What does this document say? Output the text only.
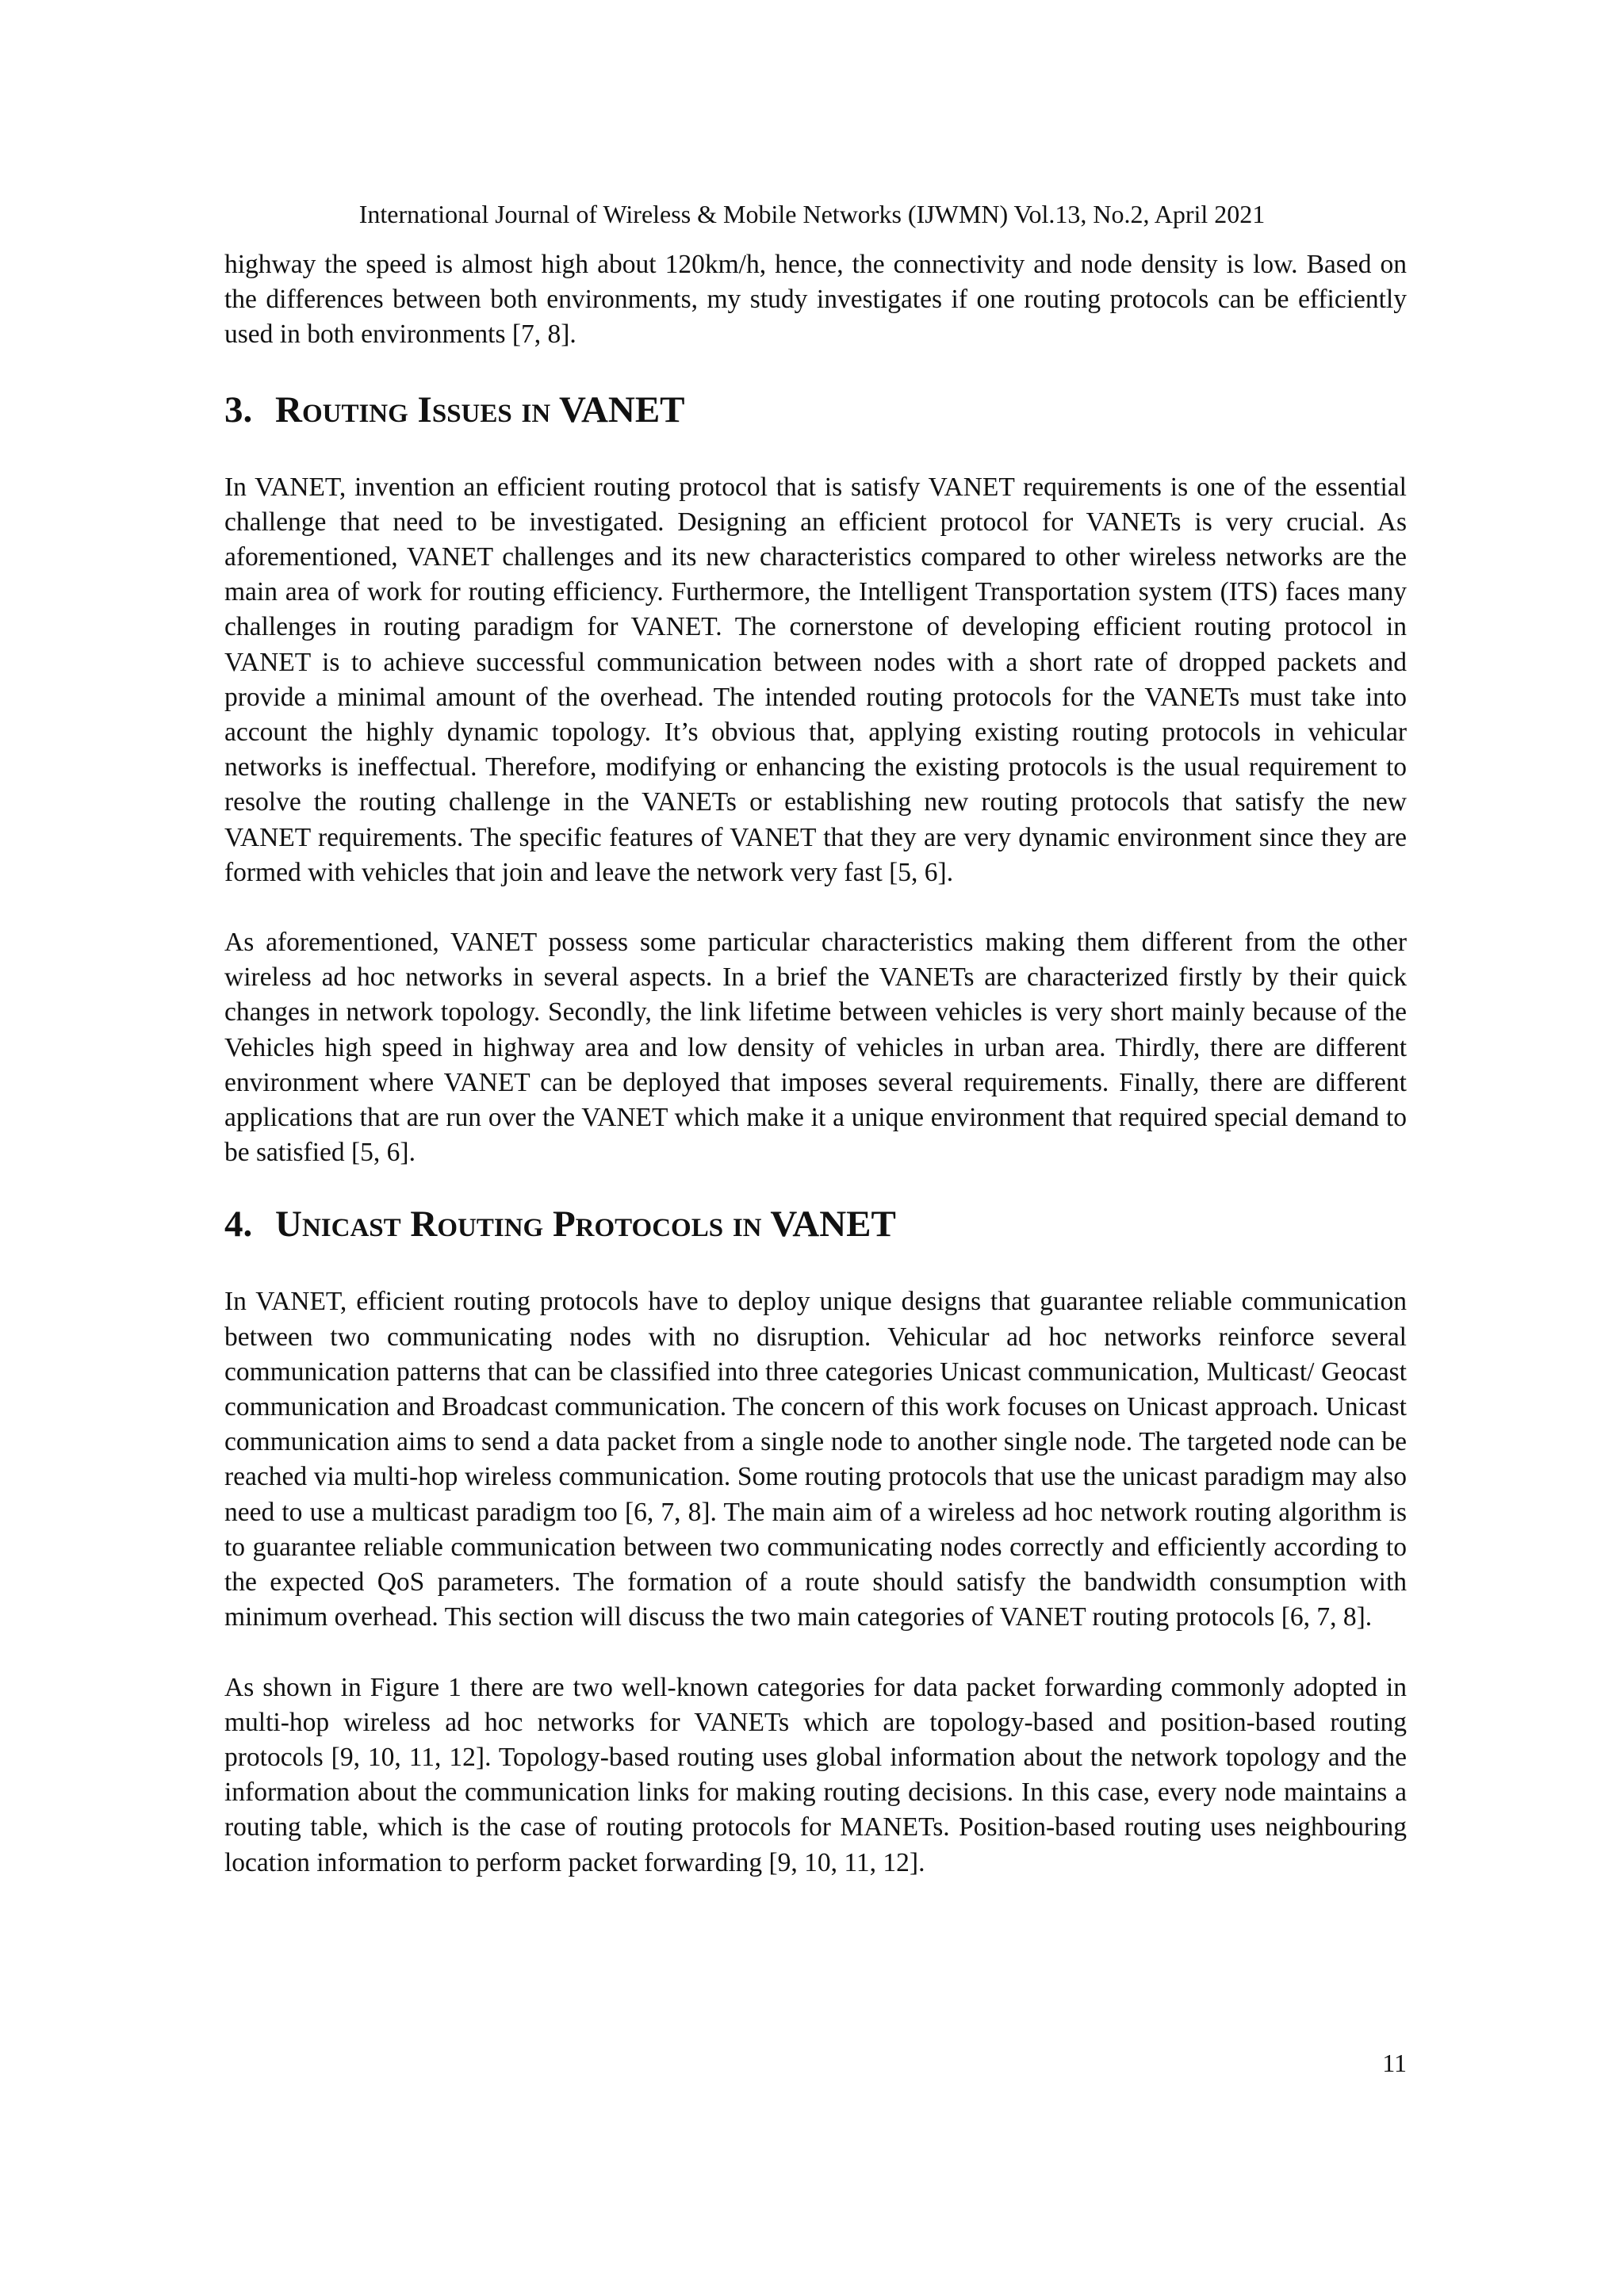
International Journal of Wireless & Mobile Networks (IJWMN) Vol.13, No.2, April 2021

highway the speed is almost high about 120km/h, hence, the connectivity and node density is low. Based on the differences between both environments, my study investigates if one routing protocols can be efficiently used in both environments [7, 8].

3. Routing Issues in VANET

In VANET, invention an efficient routing protocol that is satisfy VANET requirements is one of the essential challenge that need to be investigated. Designing an efficient protocol for VANETs is very crucial. As aforementioned, VANET challenges and its new characteristics compared to other wireless networks are the main area of work for routing efficiency. Furthermore, the Intelligent Transportation system (ITS) faces many challenges in routing paradigm for VANET. The cornerstone of developing efficient routing protocol in VANET is to achieve successful communication between nodes with a short rate of dropped packets and provide a minimal amount of the overhead. The intended routing protocols for the VANETs must take into account the highly dynamic topology. It’s obvious that, applying existing routing protocols in vehicular networks is ineffectual. Therefore, modifying or enhancing the existing protocols is the usual requirement to resolve the routing challenge in the VANETs or establishing new routing protocols that satisfy the new VANET requirements. The specific features of VANET that they are very dynamic environment since they are formed with vehicles that join and leave the network very fast [5, 6].

As aforementioned, VANET possess some particular characteristics making them different from the other wireless ad hoc networks in several aspects. In a brief the VANETs are characterized firstly by their quick changes in network topology. Secondly, the link lifetime between vehicles is very short mainly because of the Vehicles high speed in highway area and low density of vehicles in urban area. Thirdly, there are different environment where VANET can be deployed that imposes several requirements. Finally, there are different applications that are run over the VANET which make it a unique environment that required special demand to be satisfied [5, 6].

4. Unicast Routing Protocols in VANET

In VANET, efficient routing protocols have to deploy unique designs that guarantee reliable communication between two communicating nodes with no disruption. Vehicular ad hoc networks reinforce several communication patterns that can be classified into three categories Unicast communication, Multicast/ Geocast communication and Broadcast communication. The concern of this work focuses on Unicast approach. Unicast communication aims to send a data packet from a single node to another single node. The targeted node can be reached via multi-hop wireless communication. Some routing protocols that use the unicast paradigm may also need to use a multicast paradigm too [6, 7, 8]. The main aim of a wireless ad hoc network routing algorithm is to guarantee reliable communication between two communicating nodes correctly and efficiently according to the expected QoS parameters. The formation of a route should satisfy the bandwidth consumption with minimum overhead. This section will discuss the two main categories of VANET routing protocols [6, 7, 8].

As shown in Figure 1 there are two well-known categories for data packet forwarding commonly adopted in multi-hop wireless ad hoc networks for VANETs which are topology-based and position-based routing protocols [9, 10, 11, 12]. Topology-based routing uses global information about the network topology and the information about the communication links for making routing decisions. In this case, every node maintains a routing table, which is the case of routing protocols for MANETs. Position-based routing uses neighbouring location information to perform packet forwarding [9, 10, 11, 12].

11
